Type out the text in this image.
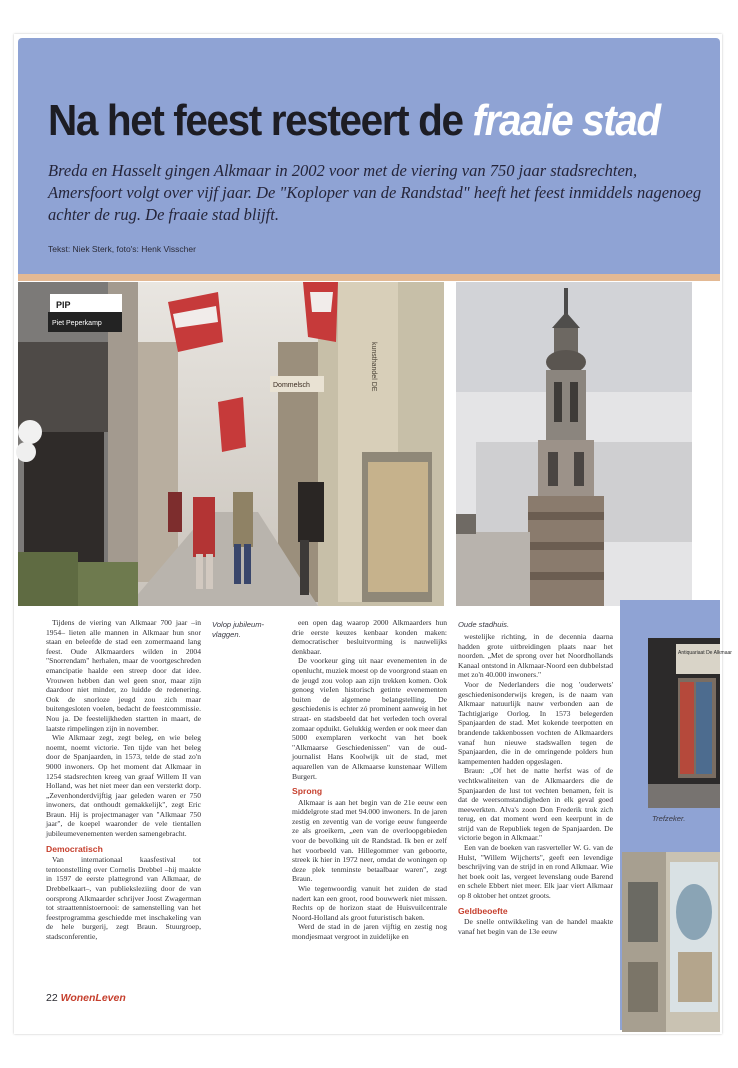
Na het feest resteert de fraaie stad

Breda en Hasselt gingen Alkmaar in 2002 voor met de viering van 750 jaar stadsrechten, Amersfoort volgt over vijf jaar. De "Koploper van de Randstad" heeft het feest inmiddels nagenoeg achter de rug. De fraaie stad blijft.

Tekst: Niek Sterk, foto's: Henk Visscher
PIP
Piet Peperkamp
Dommelsch	kunsthandel DE
Antiquariaat De Alkmaar
Volop jubileum-vlaggen.
Oude stadhuis.
Trefzeker.

Tijdens de viering van Alkmaar 700 jaar –in 1954– lieten alle mannen in Alkmaar hun snor staan en beleefde de stad een zomermaand lang feest. Oude Alkmaarders wilden in 2004 "Snorrendam" herhalen, maar de voortgeschreden emancipatie haalde een streep door dat idee. Vrouwen hebben dan wel geen snor, maar zijn daardoor niet minder, zo luidde de redenering. Ook de snorloze jeugd zou zich maar buitengesloten voelen, bedacht de feestcommissie. Nou ja. De feestelijkheden startten in maart, de laatste rimpelingen zijn in november.

Wie Alkmaar zegt, zegt beleg, en wie beleg noemt, noemt victorie. Ten tijde van het beleg door de Spanjaarden, in 1573, telde de stad zo'n 9000 inwoners. Op het moment dat Alkmaar in 1254 stadsrechten kreeg van graaf Willem II van Holland, was het niet meer dan een versterkt dorp. „Zevenhonderdvijftig jaar geleden waren er 750 inwoners, dat onthoudt gemakkelijk", zegt Eric Braun. Hij is projectmanager van "Alkmaar 750 jaar", de koepel waaronder de vele tientallen jubileumevenementen werden samengebracht.

Democratisch

Van internationaal kaasfestival tot tentoonstelling over Cornelis Drebbel –hij maakte in 1597 de eerste plattegrond van Alkmaar, de Drebbelkaart–, van publieksleziing door de van oorsprong Alkmaarder schrijver Joost Zwagerman tot straattennistoernooi: de samenstelling van het feestprogramma geschiedde met inschakeling van de hele burgerij, zegt Braun. Stuurgroep, stadsconferentie,

een open dag waarop 2000 Alkmaarders hun drie eerste keuzes kenbaar konden maken: democratischer besluitvorming is nauwelijks denkbaar.

De voorkeur ging uit naar evenementen in de openlucht, muziek moest op de voorgrond staan en de jeugd zou volop aan zijn trekken komen. Ook genoeg vieIen historisch getinte evenementen buiten de algemene belangstelling. De geschiedenis is echter zó prominent aanweig in het straat- en stadsbeeld dat het verleden toch overal zomaar opduikt. Gelukkig werden er ook meer dan 5000 exemplaren verkocht van het boek "Alkmaarse Geschiedenissen" van de oud-journalist Hans Koolwijk uit de stad, met aquarellen van de Alkmaarse kunstenaar Willem Burgert.

Sprong

Alkmaar is aan het begin van de 21e eeuw een middelgrote stad met 94.000 inwoners. In de jaren zestig en zeventig van de vorige eeuw fungeerde ze als groeikern, „een van de overloopgebieden voor de bevolking uit de Randstad. Ik ben er zelf het voorbeeld van. Hillegommer van geboorte, streek ik hier in 1972 neer, omdat de woningen op deze plek tenminste betaalbaar waren", zegt Braun.

Wie tegenwoordig vanuit het zuiden de stad nadert kan een groot, rood bouwwerk niet missen. Rechts op de horizon staat de Huisvuilcentrale Noord-Holland als groot futuristisch baken.

Werd de stad in de jaren vijftig en zestig nog mondjesmaat vergroot in zuidelijke en

westelijke richting, in de decennia daarna hadden grote uitbreidingen plaats naar het noorden. „Met de sprong over het Noordhollands Kanaal ontstond in Alkmaar-Noord een dubbelstad met zo'n 40.000 inwoners."

Voor de Nederlanders die nog 'ouderwets' geschiedenisonderwijs kregen, is de naam van Alkmaar natuurlijk nauw verbonden aan de Tachtigjarige Oorlog. In 1573 belegerden Spanjaarden de stad. Met kokende teerpotten en brandende takkenbossen vochten de Alkmaarders vanaf hun nieuwe stadswallen tegen de Spanjaarden, die in de omringende polders hun kampementen hadden opgeslagen.

Braun: „Of het de natte herfst was of de vechtkwaliteiten van de Alkmaarders die de Spanjaarden de lust tot vechten benamen, feit is dat de weersomstandigheden in elk geval goed meewerkten. Alva's zoon Don Frederik trok zich terug, en dat moment werd een keerpunt in de strijd van de Republiek tegen de Spanjaarden. De victorie begon in Alkmaar."

Een van de boeken van rasverteller W. G. van de Hulst, "Willem Wijcherts", geeft een levendige beschrijving van de strijd in en rond Alkmaar. Wie het boek ooit las, vergeet levenslang oude Barend en schele Ebbert niet meer. Elk jaar viert Alkmaar op 8 oktober het ontzet groots.

Geldbeoefte

De snelle ontwikkeling van de handel maakte vanaf het begin van de 13e eeuw

22 WonenLeven
